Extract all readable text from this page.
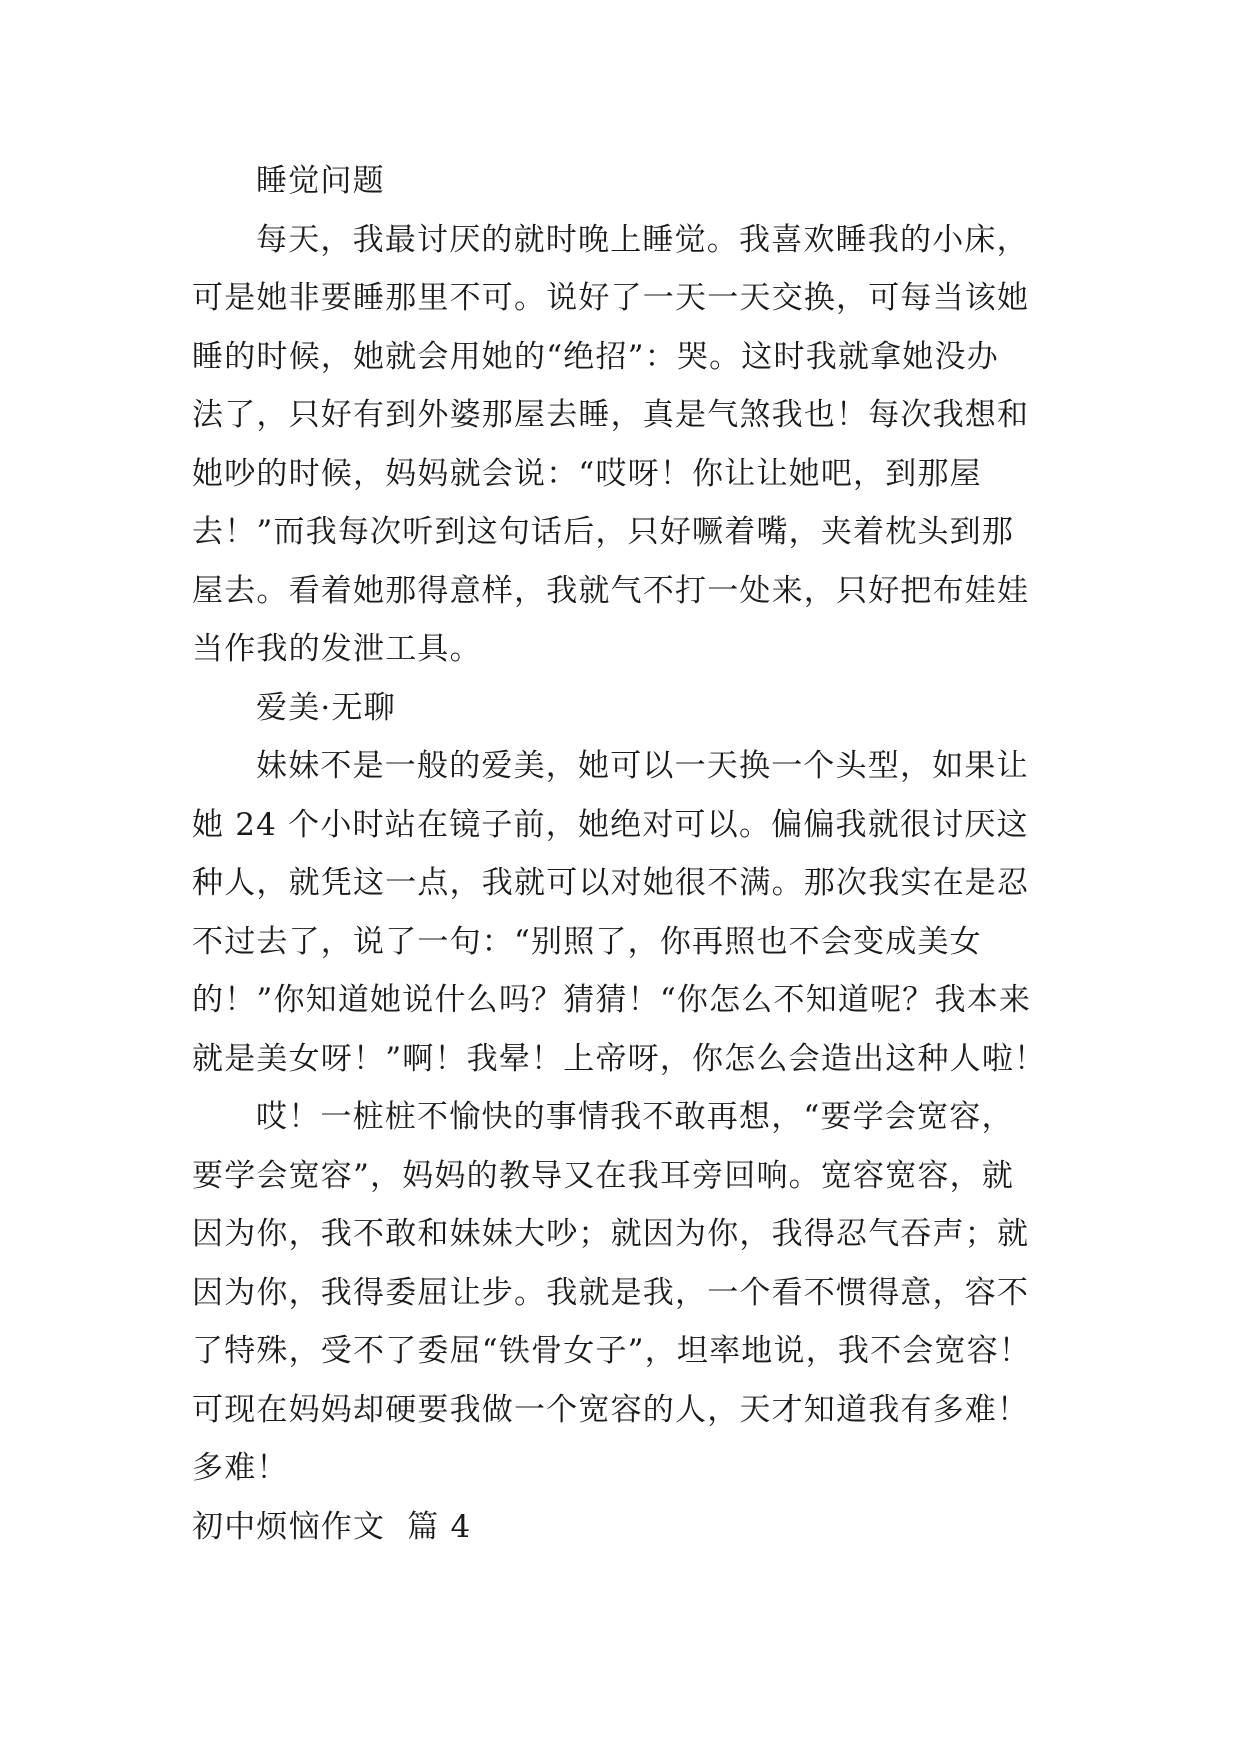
睡觉问题
每天，我最讨厌的就时晚上睡觉。我喜欢睡我的小床，
可是她非要睡那里不可。说好了一天一天交换，可每当该她
睡的时候，她就会用她的“绝招”：哭。这时我就拿她没办
法了，只好有到外婆那屋去睡，真是气煞我也！每次我想和
她吵的时候，妈妈就会说：“哎呀！你让让她吧，到那屋
去！”而我每次听到这句话后，只好噘着嘴，夹着枕头到那
屋去。看着她那得意样，我就气不打一处来，只好把布娃娃
当作我的发泄工具。
爱美·无聊
妹妹不是一般的爱美，她可以一天换一个头型，如果让
她 24 个小时站在镜子前，她绝对可以。偏偏我就很讨厌这
种人，就凭这一点，我就可以对她很不满。那次我实在是忍
不过去了，说了一句：“别照了，你再照也不会变成美女
的！”你知道她说什么吗？猜猜！“你怎么不知道呢？我本来
就是美女呀！”啊！我晕！上帝呀，你怎么会造出这种人啦！
哎！一桩桩不愉快的事情我不敢再想，“要学会宽容，
要学会宽容”，妈妈的教导又在我耳旁回响。宽容宽容，就
因为你，我不敢和妹妹大吵；就因为你，我得忍气吞声；就
因为你，我得委屈让步。我就是我，一个看不惯得意，容不
了特殊，受不了委屈“铁骨女子”，坦率地说，我不会宽容！
可现在妈妈却硬要我做一个宽容的人，天才知道我有多难！
多难！
初中烦恼作文  篇 4
